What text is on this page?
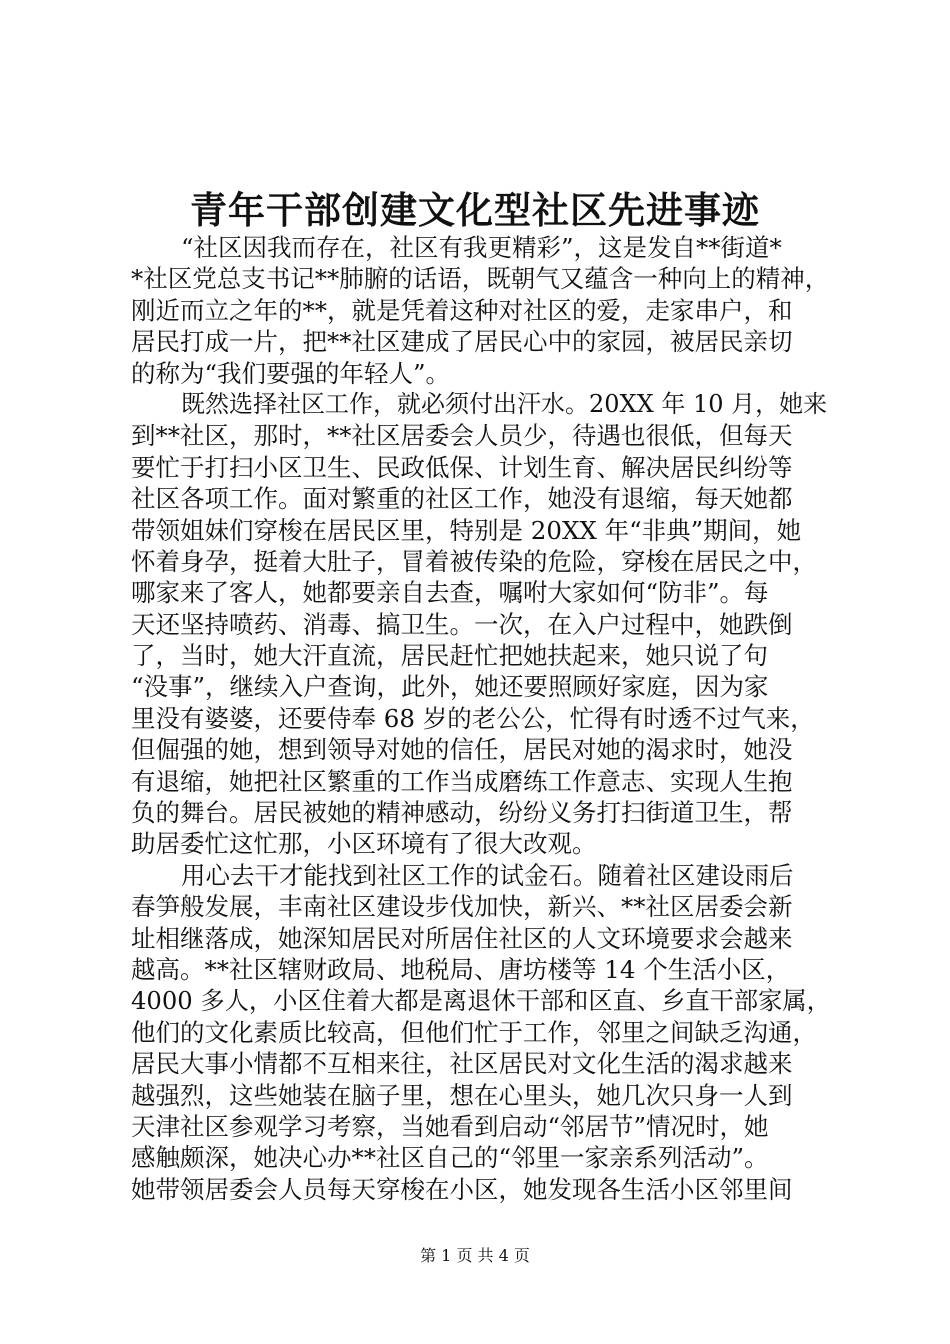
青年干部创建文化型社区先进事迹

“社区因我而存在，社区有我更精彩”，这是发自**街道*

*社区党总支书记**肺腑的话语，既朝气又蕴含一种向上的精神，

刚近而立之年的**，就是凭着这种对社区的爱，走家串户，和

居民打成一片，把**社区建成了居民心中的家园，被居民亲切

的称为“我们要强的年轻人”。

既然选择社区工作，就必须付出汗水。20XX 年 10 月，她来

到**社区，那时，**社区居委会人员少，待遇也很低，但每天

要忙于打扫小区卫生、民政低保、计划生育、解决居民纠纷等

社区各项工作。面对繁重的社区工作，她没有退缩，每天她都

带领姐妹们穿梭在居民区里，特别是 20XX 年“非典”期间，她

怀着身孕，挺着大肚子，冒着被传染的危险，穿梭在居民之中，

哪家来了客人，她都要亲自去查，嘱咐大家如何“防非”。每

天还坚持喷药、消毒、搞卫生。一次，在入户过程中，她跌倒

了，当时，她大汗直流，居民赶忙把她扶起来，她只说了句

“没事”，继续入户查询，此外，她还要照顾好家庭，因为家

里没有婆婆，还要侍奉 68 岁的老公公，忙得有时透不过气来，

但倔强的她，想到领导对她的信任，居民对她的渴求时，她没

有退缩，她把社区繁重的工作当成磨练工作意志、实现人生抱

负的舞台。居民被她的精神感动，纷纷义务打扫街道卫生，帮

助居委忙这忙那，小区环境有了很大改观。

用心去干才能找到社区工作的试金石。随着社区建设雨后

春笋般发展，丰南社区建设步伐加快，新兴、**社区居委会新

址相继落成，她深知居民对所居住社区的人文环境要求会越来

越高。**社区辖财政局、地税局、唐坊楼等 14 个生活小区，

4000 多人，小区住着大都是离退休干部和区直、乡直干部家属，

他们的文化素质比较高，但他们忙于工作，邻里之间缺乏沟通，

居民大事小情都不互相来往，社区居民对文化生活的渴求越来

越强烈，这些她装在脑子里，想在心里头，她几次只身一人到

天津社区参观学习考察，当她看到启动“邻居节”情况时，她

感触颇深，她决心办**社区自己的“邻里一家亲系列活动”。

她带领居委会人员每天穿梭在小区，她发现各生活小区邻里间

第 1 页 共 4 页
